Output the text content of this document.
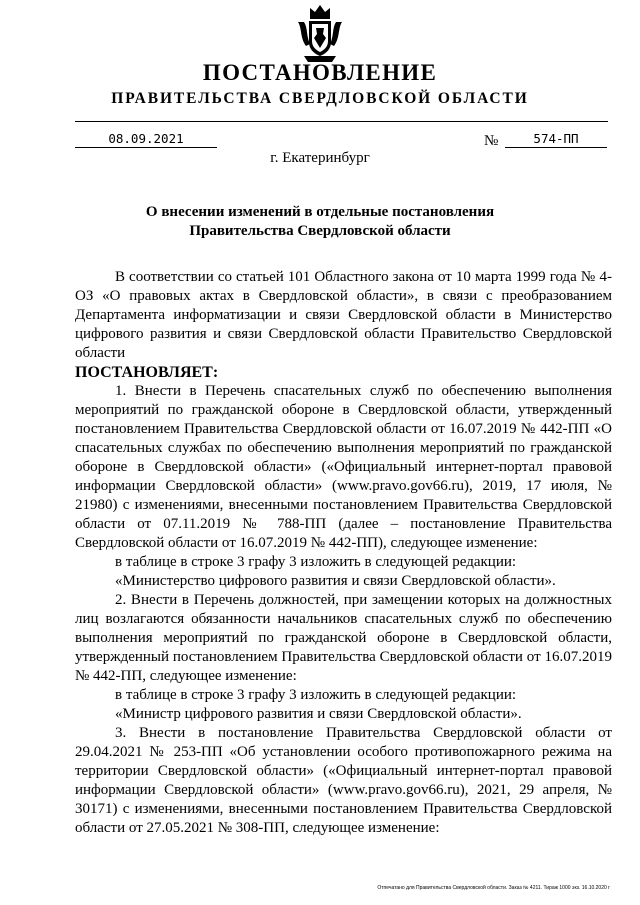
ПОСТАНОВЛЕНИЕ
ПРАВИТЕЛЬСТВА СВЕРДЛОВСКОЙ ОБЛАСТИ
08.09.2021	№	574-ПП
г. Екатеринбург
О внесении изменений в отдельные постановления Правительства Свердловской области

В соответствии со статьей 101 Областного закона от 10 марта 1999 года № 4-ОЗ «О правовых актах в Свердловской области», в связи с преобразованием Департамента информатизации и связи Свердловской области в Министерство цифрового развития и связи Свердловской области Правительство Свердловской области

ПОСТАНОВЛЯЕТ:

1. Внести в Перечень спасательных служб по обеспечению выполнения мероприятий по гражданской обороне в Свердловской области, утвержденный постановлением Правительства Свердловской области от 16.07.2019 № 442-ПП «О спасательных службах по обеспечению выполнения мероприятий по гражданской обороне в Свердловской области» («Официальный интернет-портал правовой информации Свердловской области» (www.pravo.gov66.ru), 2019, 17 июля, № 21980) с изменениями, внесенными постановлением Правительства Свердловской области от 07.11.2019 № 788-ПП (далее – постановление Правительства Свердловской области от 16.07.2019 № 442-ПП), следующее изменение:

в таблице в строке 3 графу 3 изложить в следующей редакции:

«Министерство цифрового развития и связи Свердловской области».

2. Внести в Перечень должностей, при замещении которых на должностных лиц возлагаются обязанности начальников спасательных служб по обеспечению выполнения мероприятий по гражданской обороне в Свердловской области, утвержденный постановлением Правительства Свердловской области от 16.07.2019 № 442-ПП, следующее изменение:

в таблице в строке 3 графу 3 изложить в следующей редакции:

«Министр цифрового развития и связи Свердловской области».

3. Внести в постановление Правительства Свердловской области от 29.04.2021 № 253-ПП «Об установлении особого противопожарного режима на территории Свердловской области» («Официальный интернет-портал правовой информации Свердловской области» (www.pravo.gov66.ru), 2021, 29 апреля, № 30171) с изменениями, внесенными постановлением Правительства Свердловской области от 27.05.2021 № 308-ПП, следующее изменение:

Отпечатано для Правительства Свердловской области. Заказ № 4211. Тираж 1000 экз. 16.10.2020 г
